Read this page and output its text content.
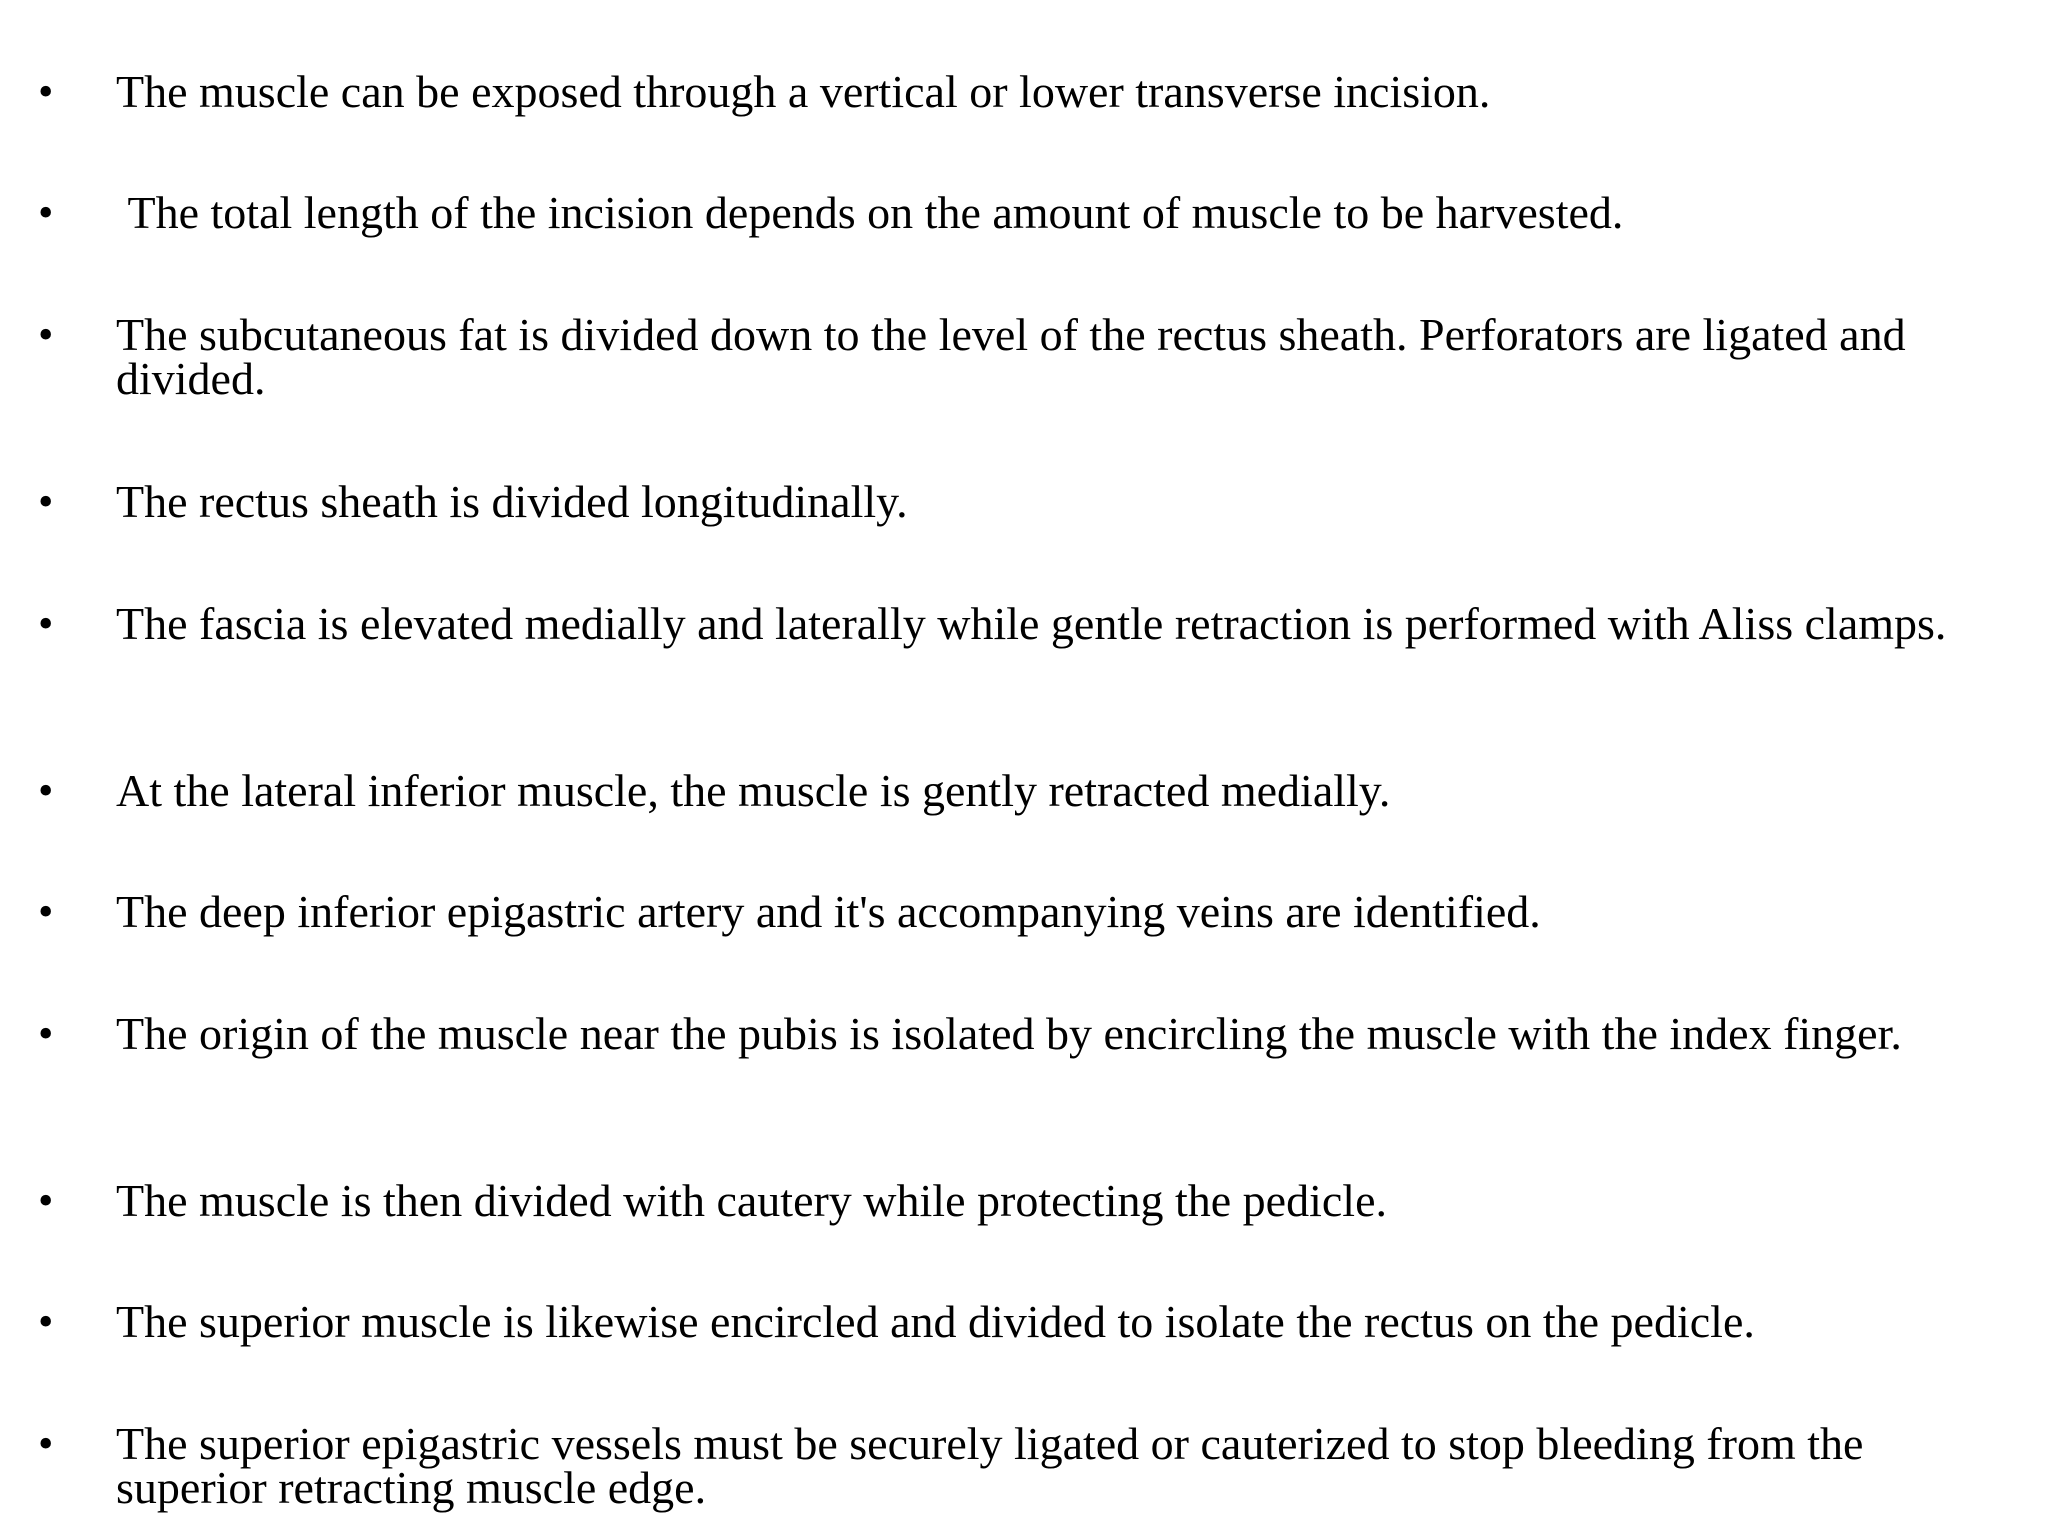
• The muscle can be exposed through a vertical or lower transverse incision.
• The total length of the incision depends on the amount of muscle to be harvested.
• The subcutaneous fat is divided down to the level of the rectus sheath. Perforators are ligated and divided.
• The rectus sheath is divided longitudinally.
• The fascia is elevated medially and laterally while gentle retraction is performed with Aliss clamps.
• At the lateral inferior muscle, the muscle is gently retracted medially.
• The deep inferior epigastric artery and it's accompanying veins are identified.
• The origin of the muscle near the pubis is isolated by encircling the muscle with the index finger.
• The muscle is then divided with cautery while protecting the pedicle.
• The superior muscle is likewise encircled and divided to isolate the rectus on the pedicle.
• The superior epigastric vessels must be securely ligated or cauterized to stop bleeding from the superior retracting muscle edge.
